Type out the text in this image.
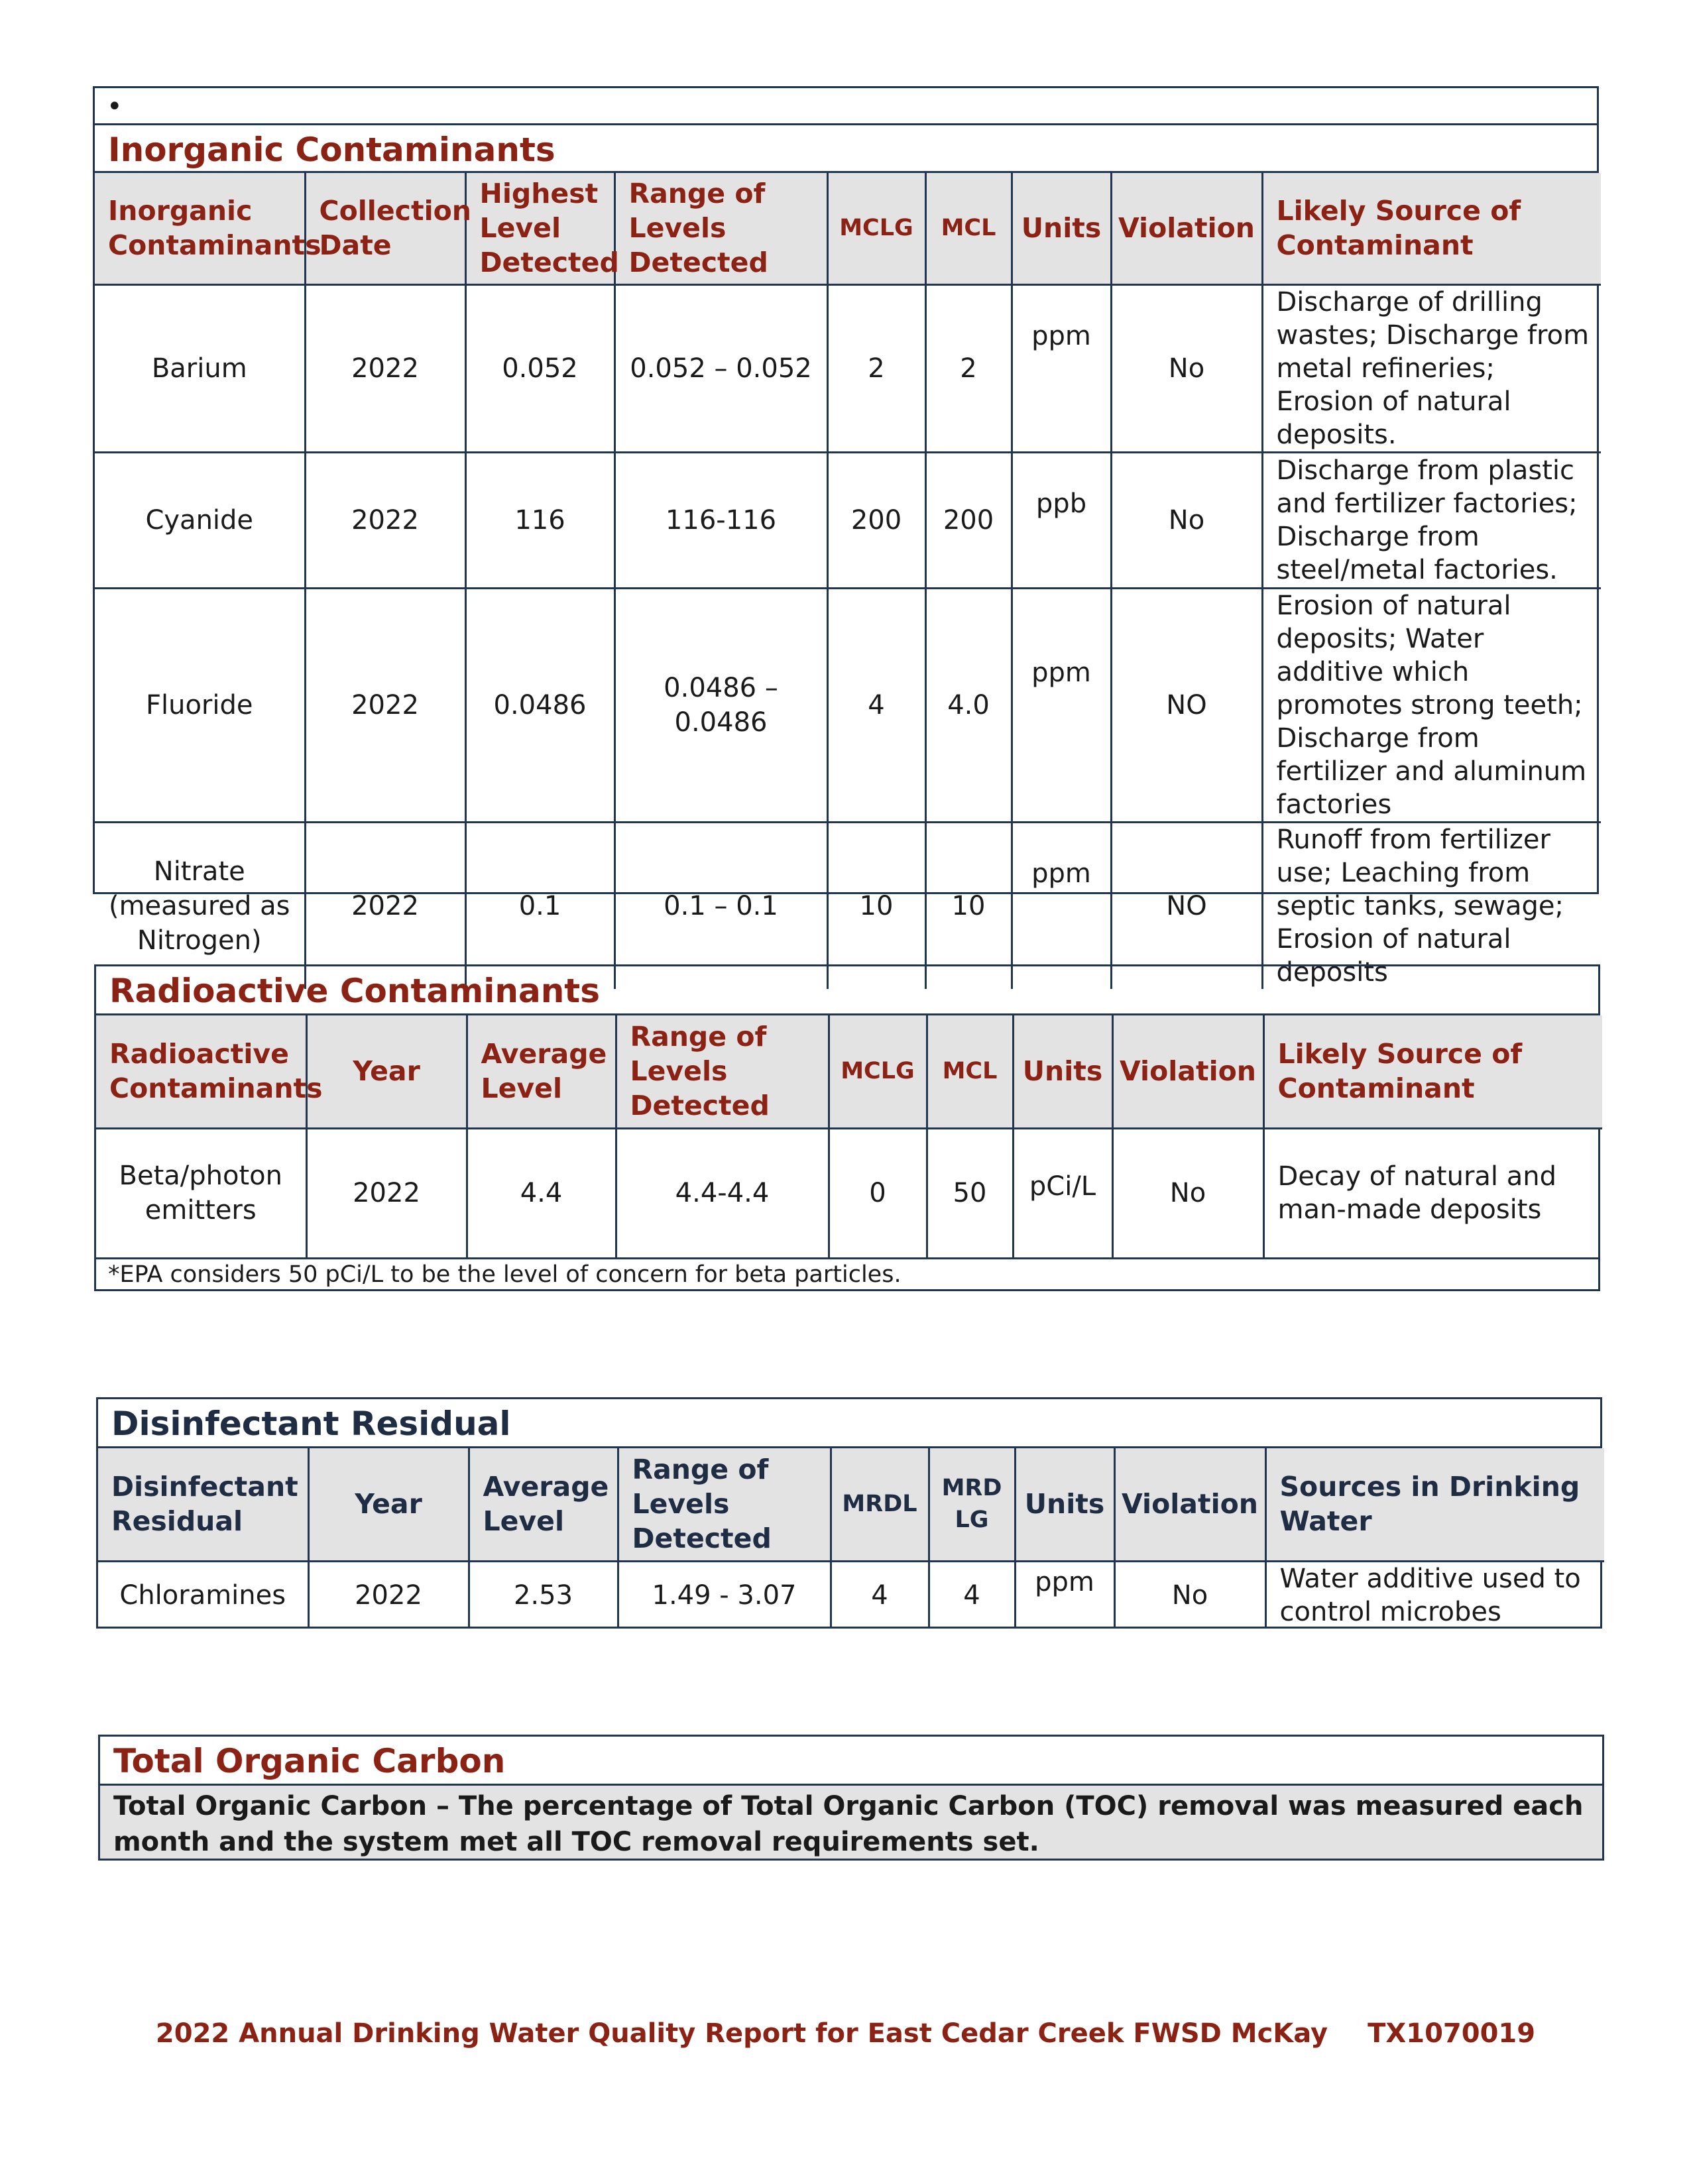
•
Inorganic Contaminants
Inorganic Contaminants	Collection Date	Highest Level Detected	Range of Levels Detected	MCLG	MCL	Units	Violation	Likely Source of Contaminant
Barium	2022	0.052	0.052 – 0.052	2	2	ppm	No	Discharge of drilling wastes; Discharge from metal refineries; Erosion of natural deposits.
Cyanide	2022	116	116-116	200	200	ppb	No	Discharge from plastic and fertilizer factories; Discharge from steel/metal factories.
Fluoride	2022	0.0486	0.0486 – 0.0486	4	4.0	ppm	NO	Erosion of natural deposits; Water additive which promotes strong teeth; Discharge from fertilizer and aluminum factories
Nitrate (measured as Nitrogen)	2022	0.1	0.1 – 0.1	10	10	ppm	NO	Runoff from fertilizer use; Leaching from septic tanks, sewage; Erosion of natural deposits
Radioactive Contaminants
Radioactive Contaminants	Year	Average Level	Range of Levels Detected	MCLG	MCL	Units	Violation	Likely Source of Contaminant
Beta/photon emitters	2022	4.4	4.4-4.4	0	50	pCi/L	No	Decay of natural and man-made deposits
*EPA considers 50 pCi/L to be the level of concern for beta particles.
Disinfectant Residual
Disinfectant Residual	Year	Average Level	Range of Levels Detected	MRDL	MRD LG	Units	Violation	Sources in Drinking Water
Chloramines	2022	2.53	1.49 - 3.07	4	4	ppm	No	Water additive used to control microbes
Total Organic Carbon
Total Organic Carbon – The percentage of Total Organic Carbon (TOC) removal was measured each month and the system met all TOC removal requirements set.
2022 Annual Drinking Water Quality Report for East Cedar Creek FWSD McKay TX1070019
